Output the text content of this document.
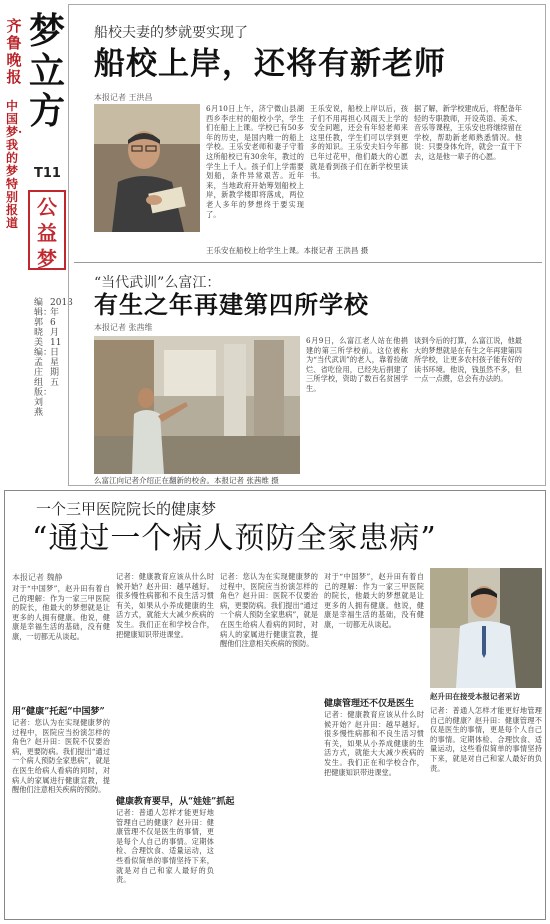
齐鲁晚报
梦立方
中国梦·我的梦特别报道
T11
公益梦
编辑：郭晓 美编：孟庄 组版：刘燕
2013年6月11日 星期五
船校夫妻的梦就要实现了
船校上岸，还将有新老师
本报记者 王洪昌
6月10日上午，济宁微山县湖西乡李庄村的船校小学，学生们在船上上课。学校已有50多年的历史，是国内唯一的船上学校。王乐安老师和妻子守着这所船校已有30余年，教过的学生上千人。孩子们上学需要划船，条件异常艰苦。近年来，当地政府开始筹划船校上岸，新教学楼即将落成，两位老人多年的梦想终于要实现了。
王乐安说，船校上岸以后，孩子们不用再担心风雨天上学的安全问题，还会有年轻老师来这里任教，学生们可以学到更多的知识。王乐安夫妇今年都已年过花甲，他们最大的心愿就是看到孩子们在新学校里读书。
据了解，新学校建成后，将配备年轻的专职教师，开设英语、美术、音乐等课程，王乐安也将继续留在学校，帮助新老师熟悉情况。他说：只要身体允许，就会一直干下去，这是他一辈子的心愿。
王乐安在船校上给学生上课。本报记者 王洪昌 摄
“当代武训”么富江：
有生之年再建第四所学校
本报记者 张茜维
么富江向记者介绍正在翻新的校舍。本报记者 张茜维 摄
6月9日，么富江老人站在他捐建的第三所学校前。这位被称为“当代武训”的老人，靠着捡破烂、省吃俭用，已经先后捐建了三所学校，资助了数百名贫困学生。
谈到今后的打算，么富江说，他最大的梦想就是在有生之年再建第四所学校，让更多农村孩子能有好的读书环境。他说，钱虽然不多，但一点一点攒，总会有办法的。
一个三甲医院院长的健康梦
“通过一个病人预防全家患病”
本报记者 魏静
对于“中国梦”，赵升田有着自己的理解：作为一家三甲医院的院长，他最大的梦想就是让更多的人拥有健康。他说，健康是幸福生活的基础，没有健康，一切都无从谈起。
用“健康”托起“中国梦”
记者：您认为在实现健康梦的过程中，医院应当扮演怎样的角色？赵升田：医院不仅要治病，更要防病。我们提出“通过一个病人预防全家患病”，就是在医生给病人看病的同时，对病人的家属进行健康宣教，提醒他们注意相关疾病的预防。
记者：健康教育应该从什么时候开始？赵升田：越早越好。很多慢性病都和不良生活习惯有关，如果从小养成健康的生活方式，就能大大减少疾病的发生。我们正在和学校合作，把健康知识带进课堂。
健康教育要早，从“娃娃”抓起
记者：普通人怎样才能更好地管理自己的健康？赵升田：健康管理不仅是医生的事情，更是每个人自己的事情。定期体检、合理饮食、适量运动，这些看似简单的事情坚持下来，就是对自己和家人最好的负责。
记者：您认为在实现健康梦的过程中，医院应当扮演怎样的角色？赵升田：医院不仅要治病，更要防病。我们提出“通过一个病人预防全家患病”，就是在医生给病人看病的同时，对病人的家属进行健康宣教，提醒他们注意相关疾病的预防。
对于“中国梦”，赵升田有着自己的理解：作为一家三甲医院的院长，他最大的梦想就是让更多的人拥有健康。他说，健康是幸福生活的基础，没有健康，一切都无从谈起。
健康管理还不仅是医生
记者：健康教育应该从什么时候开始？赵升田：越早越好。很多慢性病都和不良生活习惯有关，如果从小养成健康的生活方式，就能大大减少疾病的发生。我们正在和学校合作，把健康知识带进课堂。
赵升田在接受本报记者采访
记者：普通人怎样才能更好地管理自己的健康？赵升田：健康管理不仅是医生的事情，更是每个人自己的事情。定期体检、合理饮食、适量运动，这些看似简单的事情坚持下来，就是对自己和家人最好的负责。
